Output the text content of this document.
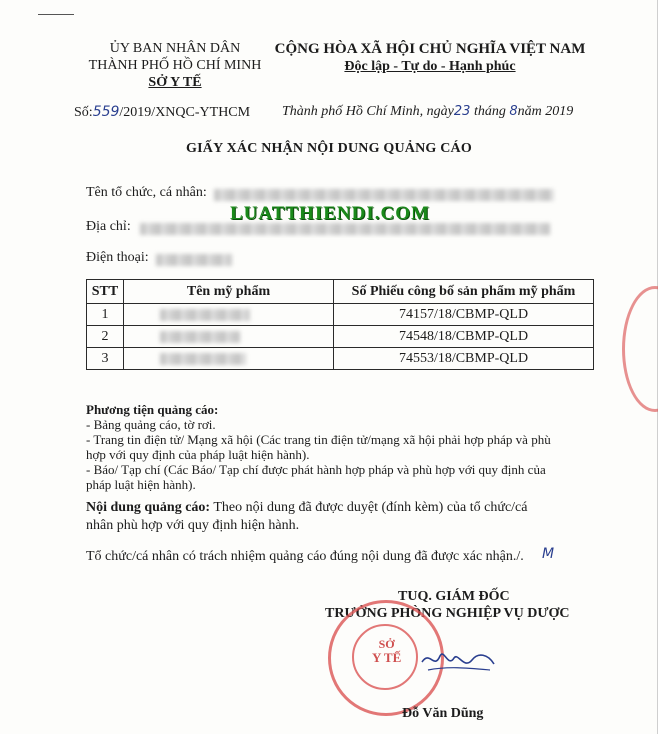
ỦY BAN NHÂN DÂN
THÀNH PHỐ HỒ CHÍ MINH
SỞ Y TẾ
CỘNG HÒA XÃ HỘI CHỦ NGHĨA VIỆT NAM
Độc lập - Tự do - Hạnh phúc
Số:559/2019/XNQC-YTHCM Thành phố Hồ Chí Minh, ngày23 tháng 8năm 2019
GIẤY XÁC NHẬN NỘI DUNG QUẢNG CÁO
Tên tổ chức, cá nhân:
Địa chỉ:
LUATTHIENDI.COM
Điện thoại:
STT	Tên mỹ phẩm	Số Phiếu công bố sản phẩm mỹ phẩm
1		74157/18/CBMP-QLD
2		74548/18/CBMP-QLD
3		74553/18/CBMP-QLD
Phương tiện quảng cáo:
- Bảng quảng cáo, tờ rơi.
- Trang tin điện tử/ Mạng xã hội (Các trang tin điện tử/mạng xã hội phải hợp pháp và phù hợp với quy định của pháp luật hiện hành).
- Báo/ Tạp chí (Các Báo/ Tạp chí được phát hành hợp pháp và phù hợp với quy định của pháp luật hiện hành).
Nội dung quảng cáo: Theo nội dung đã được duyệt (đính kèm) của tổ chức/cá nhân phù hợp với quy định hiện hành.
Tổ chức/cá nhân có trách nhiệm quảng cáo đúng nội dung đã được xác nhận./.	M
TUQ. GIÁM ĐỐC
TRƯỞNG PHÒNG NGHIỆP VỤ DƯỢC
SỞ
Y TẾ
Đỗ Văn Dũng
